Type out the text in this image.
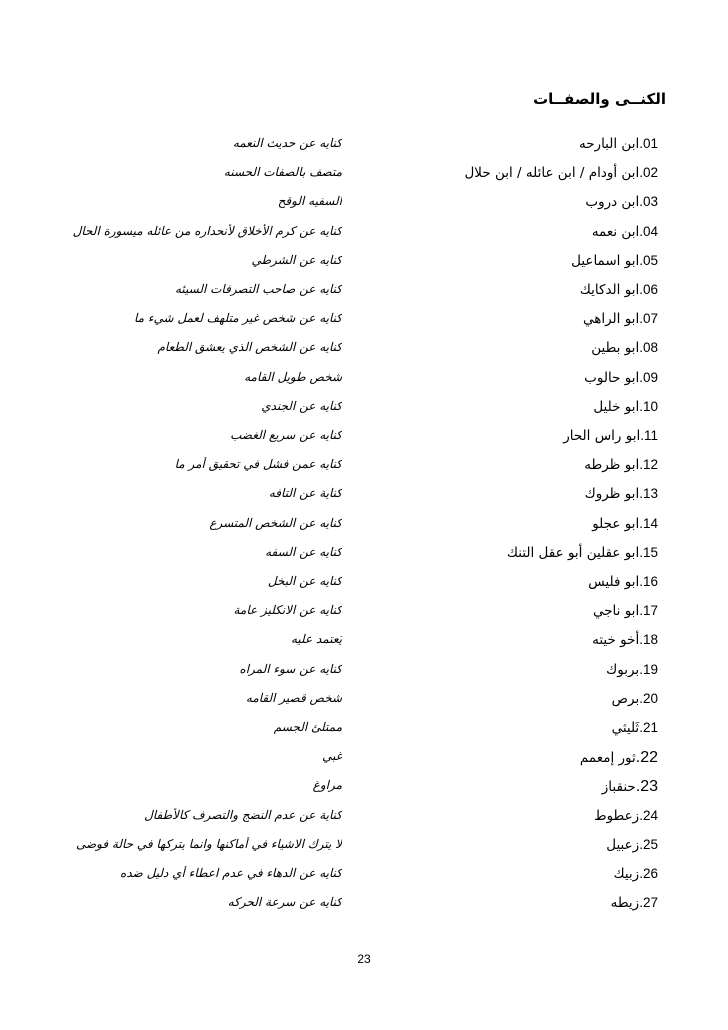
الكنــى والصفــات
01.ابن البارحه
كنايه عن حديث النعمه
02.ابن أودام / ابن عائله / ابن حلال
متصف بالصفات الحسنه
03.ابن دروب
السفيه الوقح
04.ابن نعمه
كنايه عن كرم الأخلاق لأنحداره من عائله ميسورة الحال
05.ابو اسماعيل
كنايه عن الشرطي
06.ابو الدكايك
كنايه عن صاحب التصرفات السيئه
07.ابو الراهي
كنايه عن شخص غير متلهف لعمل شيء ما
08.ابو بطين
كنايه عن الشخص الذي يعشق الطعام
09.ابو حالوب
شخص طويل القامه
10.ابو خليل
كنايه عن الجندي
11.ابو راس الحار
كنايه عن سريع الغضب
12.ابو ظرطه
كنايه عمن فشل في تحقيق أمر ما
13.ابو ظروك
كناية عن التافه
14.ابو عجلو
كنايه عن الشخص المتسرع
15.ابو عقلين أبو عقل التنك
كنايه عن السفه
16.ابو فليس
كنايه عن البخل
17.ابو ناجي
كنايه عن الانكليز عامة
18.أخو خيته
يُعتمد عليه
19.بربوك
كنايه عن سوء المراه
20.برص
شخص قصير القامه
21.ثَليثي
ممتلئ الجسم
22.ثور إمعمم
غبي
23.حنقباز
مراوغ
24.زعطوط
كناية عن عدم النضج والتصرف كالأطفال
25.زعبيل
لا يترك الاشياء في أماكنها وانما يتركها في حالة فوضى
26.زبيك
كنايه عن الدهاء في عدم اعطاء أي دليل ضده
27.زيطه
كنايه عن سرعة الحركه
23
